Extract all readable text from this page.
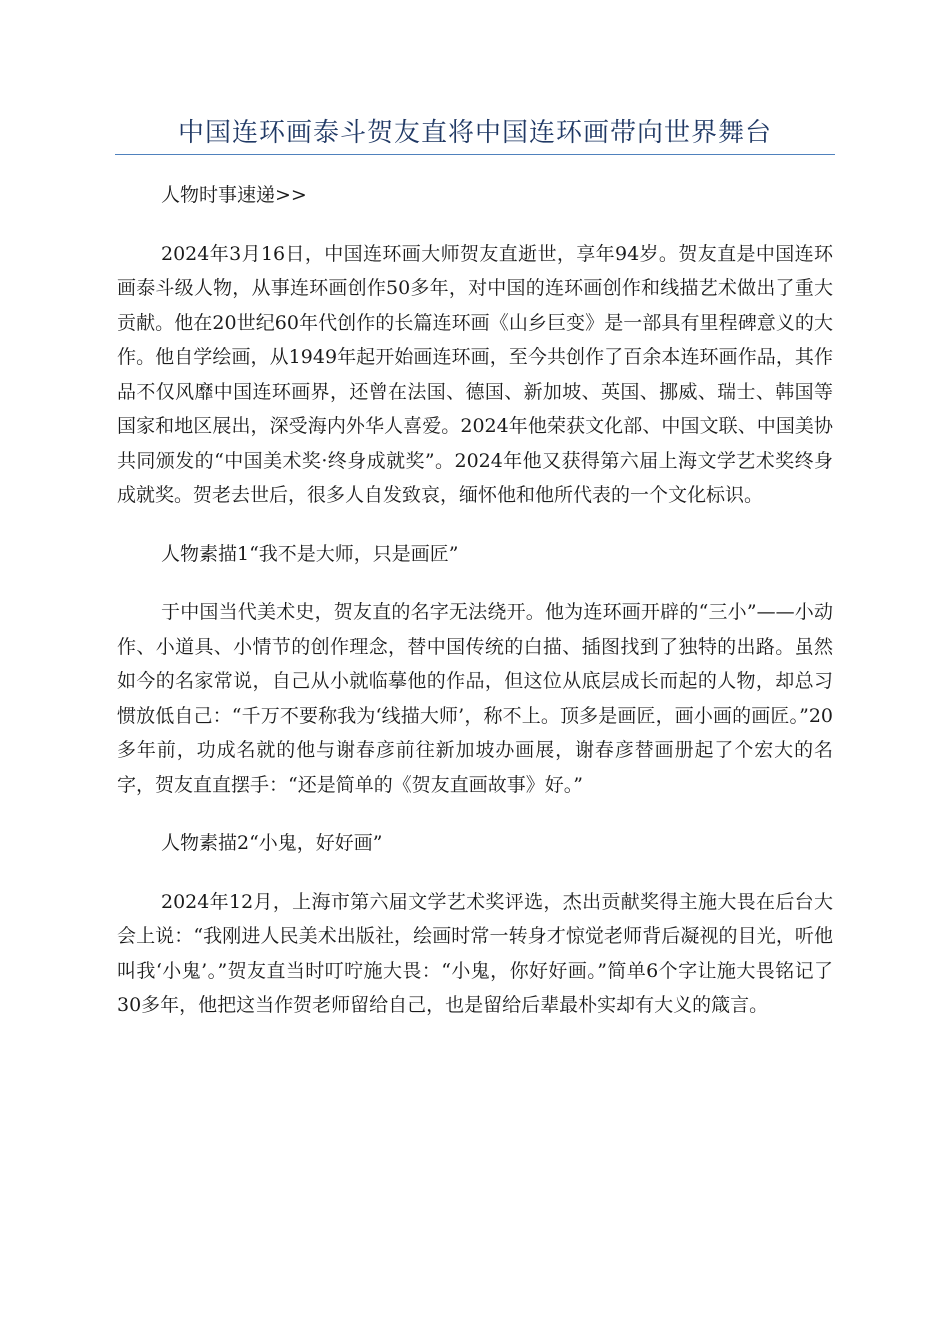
中国连环画泰斗贺友直将中国连环画带向世界舞台

人物时事速递>>

2024年3月16日，中国连环画大师贺友直逝世，享年94岁。贺友直是中国连环画泰斗级人物，从事连环画创作50多年，对中国的连环画创作和线描艺术做出了重大贡献。他在20世纪60年代创作的长篇连环画《山乡巨变》是一部具有里程碑意义的大作。他自学绘画，从1949年起开始画连环画，至今共创作了百余本连环画作品，其作品不仅风靡中国连环画界，还曾在法国、德国、新加坡、英国、挪威、瑞士、韩国等国家和地区展出，深受海内外华人喜爱。2024年他荣获文化部、中国文联、中国美协共同颁发的“中国美术奖·终身成就奖”。2024年他又获得第六届上海文学艺术奖终身成就奖。贺老去世后，很多人自发致哀，缅怀他和他所代表的一个文化标识。

人物素描1“我不是大师，只是画匠”

于中国当代美术史，贺友直的名字无法绕开。他为连环画开辟的“三小”——小动作、小道具、小情节的创作理念，替中国传统的白描、插图找到了独特的出路。虽然如今的名家常说，自己从小就临摹他的作品，但这位从底层成长而起的人物，却总习惯放低自己：“千万不要称我为‘线描大师’，称不上。顶多是画匠，画小画的画匠。”20多年前，功成名就的他与谢春彦前往新加坡办画展，谢春彦替画册起了个宏大的名字，贺友直直摆手：“还是简单的《贺友直画故事》好。”

人物素描2“小鬼，好好画”

2024年12月，上海市第六届文学艺术奖评选，杰出贡献奖得主施大畏在后台大会上说：“我刚进人民美术出版社，绘画时常一转身才惊觉老师背后凝视的目光，听他叫我‘小鬼’。”贺友直当时叮咛施大畏：“小鬼，你好好画。”简单6个字让施大畏铭记了30多年，他把这当作贺老师留给自己，也是留给后辈最朴实却有大义的箴言。
